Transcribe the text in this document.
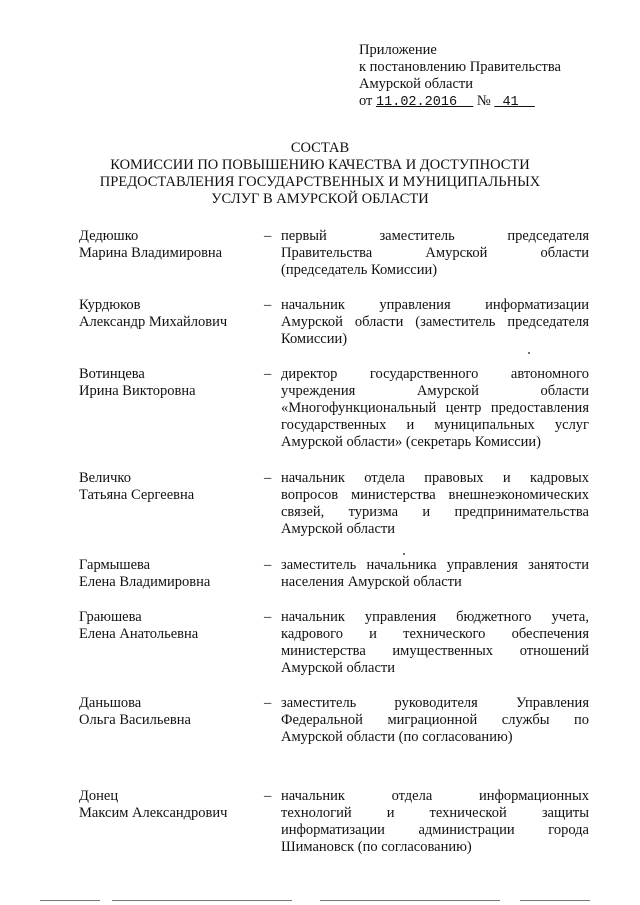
Приложение
к постановлению Правительства
Амурской области
от 11.02.2016 № 41
СОСТАВ
КОМИССИИ ПО ПОВЫШЕНИЮ КАЧЕСТВА И ДОСТУПНОСТИ
ПРЕДОСТАВЛЕНИЯ ГОСУДАРСТВЕННЫХ И МУНИЦИПАЛЬНЫХ
УСЛУГ В АМУРСКОЙ ОБЛАСТИ
Дедюшко
Марина Владимировна
– первый заместитель председателя
Правительства Амурской области
(председатель Комиссии)
Курдюков
Александр Михайлович
– начальник управления информатизации
Амурской области (заместитель председателя
Комиссии)
Вотинцева
Ирина Викторовна
– директор государственного автономного
учреждения Амурской области
«Многофункциональный центр предоставления
государственных и муниципальных услуг
Амурской области» (секретарь Комиссии)
Величко
Татьяна Сергеевна
– начальник отдела правовых и кадровых
вопросов министерства внешнеэкономических
связей, туризма и предпринимательства
Амурской области
Гармышева
Елена Владимировна
– заместитель начальника управления занятости
населения Амурской области
Граюшева
Елена Анатольевна
– начальник управления бюджетного учета,
кадрового и технического обеспечения
министерства имущественных отношений
Амурской области
Даньшова
Ольга Васильевна
– заместитель руководителя Управления
Федеральной миграционной службы по
Амурской области (по согласованию)
Донец
Максим Александрович
– начальник отдела информационных
технологий и технической защиты
информатизации администрации города
Шимановск (по согласованию)
